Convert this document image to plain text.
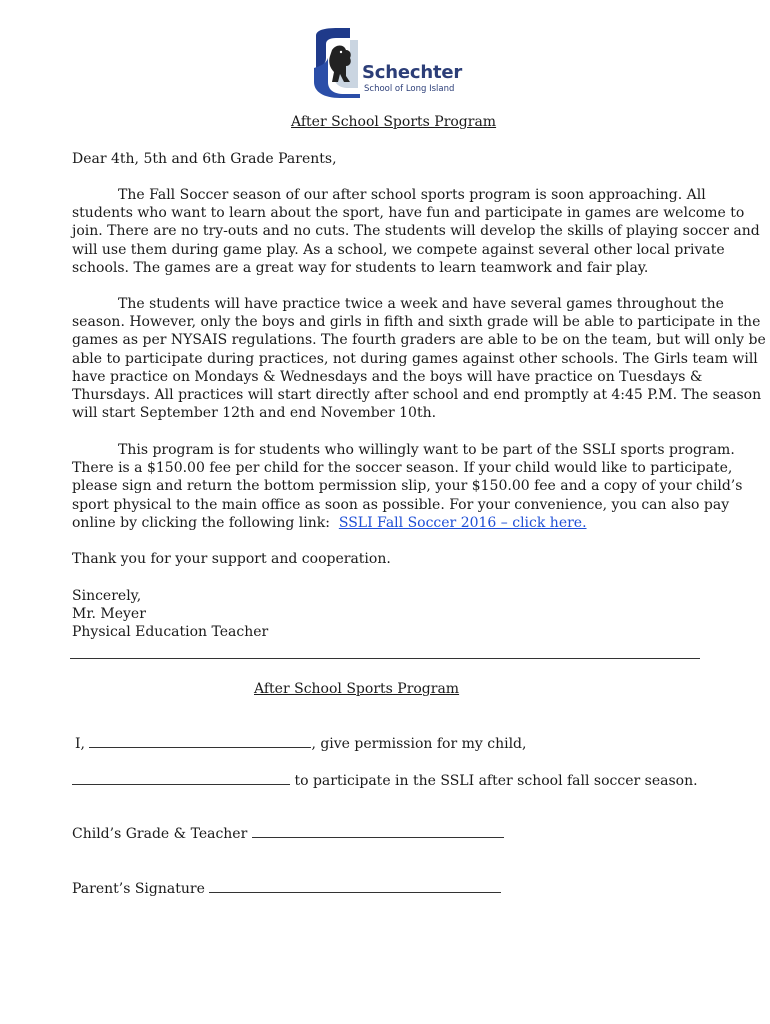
Schechter
School of Long Island
After School Sports Program
Dear 4th, 5th and 6th Grade Parents,
The Fall Soccer season of our after school sports program is soon approaching. All
students who want to learn about the sport, have fun and participate in games are welcome to
join. There are no try-outs and no cuts. The students will develop the skills of playing soccer and
will use them during game play. As a school, we compete against several other local private
schools. The games are a great way for students to learn teamwork and fair play.
The students will have practice twice a week and have several games throughout the
season. However, only the boys and girls in fifth and sixth grade will be able to participate in the
games as per NYSAIS regulations. The fourth graders are able to be on the team, but will only be
able to participate during practices, not during games against other schools. The Girls team will
have practice on Mondays & Wednesdays and the boys will have practice on Tuesdays &
Thursdays. All practices will start directly after school and end promptly at 4:45 P.M. The season
will start September 12th and end November 10th.
This program is for students who willingly want to be part of the SSLI sports program.
There is a $150.00 fee per child for the soccer season. If your child would like to participate,
please sign and return the bottom permission slip, your $150.00 fee and a copy of your child’s
sport physical to the main office as soon as possible. For your convenience, you can also pay
online by clicking the following link:  SSLI Fall Soccer 2016 – click here.
Thank you for your support and cooperation.
Sincerely,
Mr. Meyer
Physical Education Teacher
After School Sports Program
I,	, give permission for my child,
to participate in the SSLI after school fall soccer season.
Child’s Grade & Teacher
Parent’s Signature
